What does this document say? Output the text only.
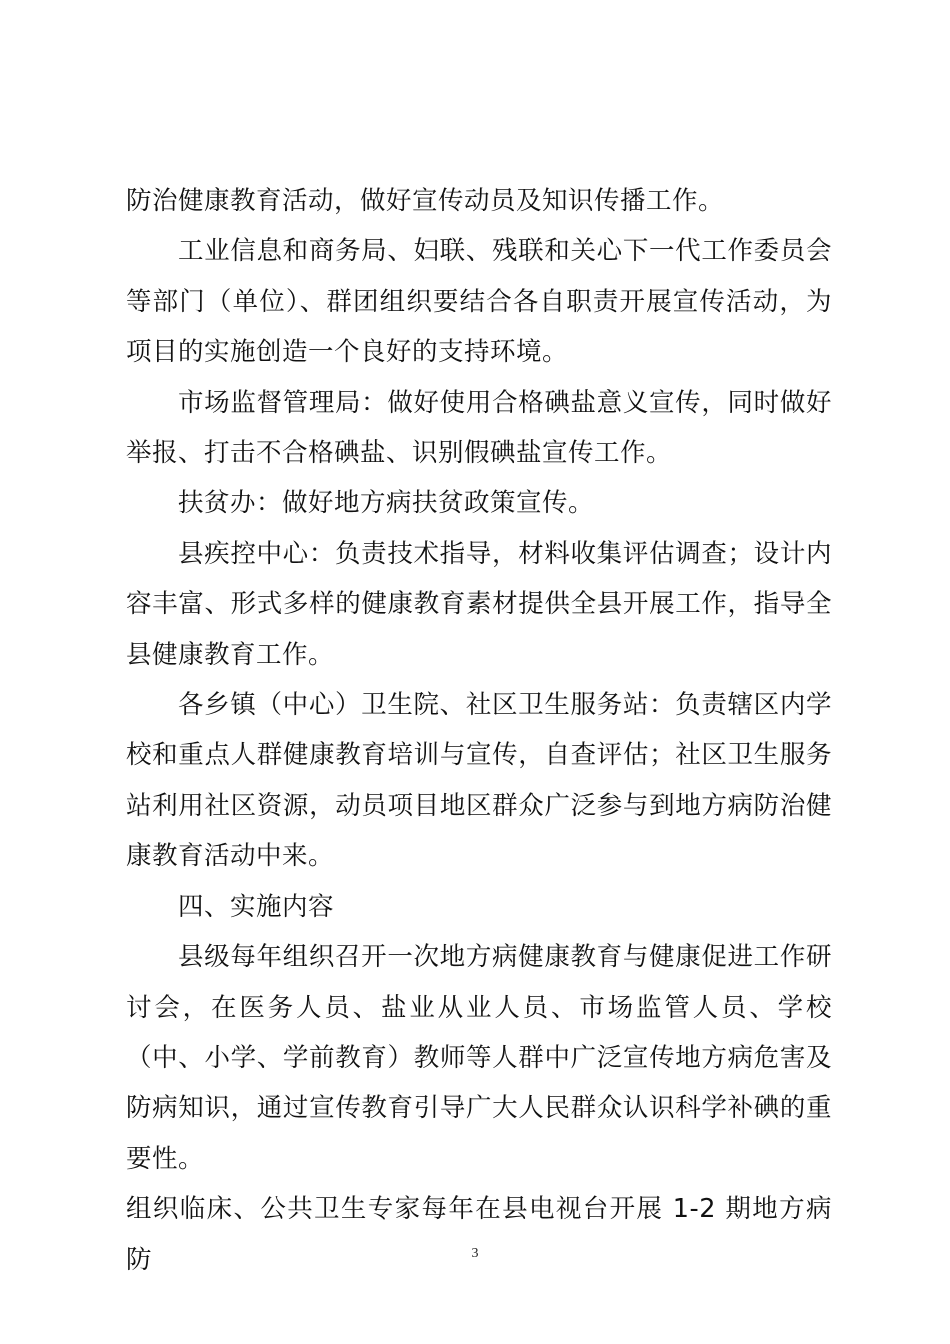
防治健康教育活动，做好宣传动员及知识传播工作。

工业信息和商务局、妇联、残联和关心下一代工作委员会等部门（单位）、群团组织要结合各自职责开展宣传活动，为项目的实施创造一个良好的支持环境。

市场监督管理局：做好使用合格碘盐意义宣传，同时做好举报、打击不合格碘盐、识别假碘盐宣传工作。

扶贫办：做好地方病扶贫政策宣传。

县疾控中心：负责技术指导，材料收集评估调查；设计内容丰富、形式多样的健康教育素材提供全县开展工作，指导全县健康教育工作。

各乡镇（中心）卫生院、社区卫生服务站：负责辖区内学校和重点人群健康教育培训与宣传，自查评估；社区卫生服务站利用社区资源，动员项目地区群众广泛参与到地方病防治健康教育活动中来。

四、实施内容

县级每年组织召开一次地方病健康教育与健康促进工作研讨会，在医务人员、盐业从业人员、市场监管人员、学校（中、小学、学前教育）教师等人群中广泛宣传地方病危害及防病知识，通过宣传教育引导广大人民群众认识科学补碘的重要性。

组织临床、公共卫生专家每年在县电视台开展 1-2 期地方病防	3
